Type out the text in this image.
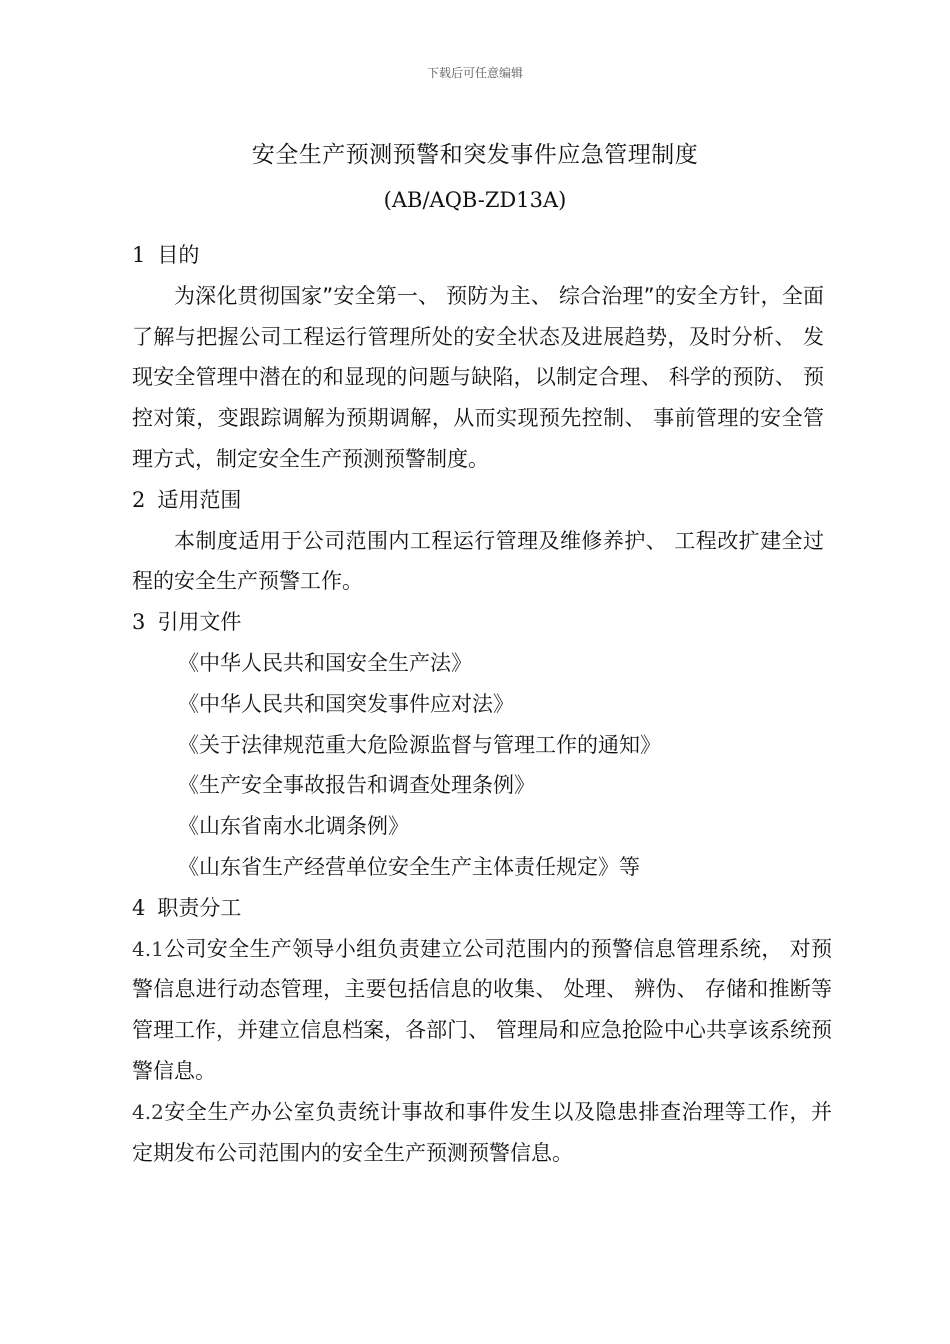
下载后可任意编辑
安全生产预测预警和突发事件应急管理制度
(AB/AQB-ZD13A)

1 目的

为深化贯彻国家”安全第一、 预防为主、 综合治理”的安全方针，全面了解与把握公司工程运行管理所处的安全状态及进展趋势，及时分析、 发现安全管理中潜在的和显现的问题与缺陷，以制定合理、 科学的预防、 预控对策，变跟踪调解为预期调解，从而实现预先控制、 事前管理的安全管理方式，制定安全生产预测预警制度。

2 适用范围

本制度适用于公司范围内工程运行管理及维修养护、 工程改扩建全过程的安全生产预警工作。

3 引用文件

《中华人民共和国安全生产法》

《中华人民共和国突发事件应对法》

《关于法律规范重大危险源监督与管理工作的通知》

《生产安全事故报告和调查处理条例》

《山东省南水北调条例》

《山东省生产经营单位安全生产主体责任规定》等

4 职责分工

4.1公司安全生产领导小组负责建立公司范围内的预警信息管理系统， 对预警信息进行动态管理，主要包括信息的收集、 处理、 辨伪、 存储和推断等管理工作，并建立信息档案，各部门、 管理局和应急抢险中心共享该系统预警信息。

4.2安全生产办公室负责统计事故和事件发生以及隐患排查治理等工作，并定期发布公司范围内的安全生产预测预警信息。
